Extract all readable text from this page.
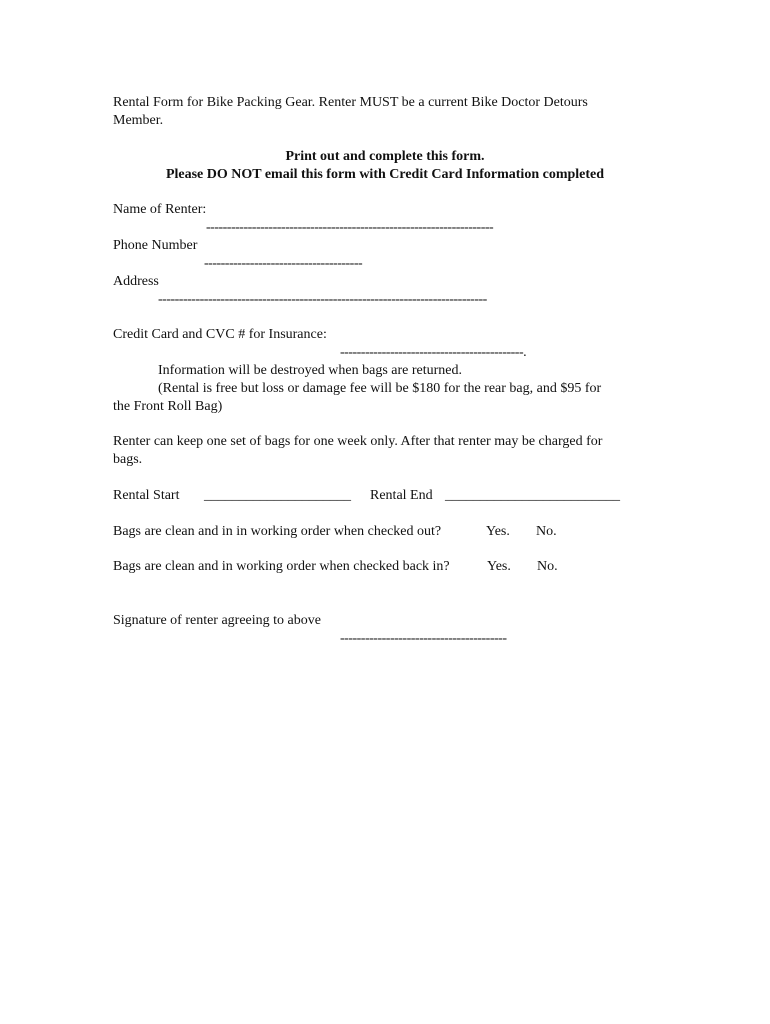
Rental Form for Bike Packing Gear. Renter MUST be a current Bike Doctor Detours
Member.
Print out and complete this form.
Please DO NOT email this form with Credit Card Information completed
Name of Renter:
---------------------------------------------------------------------
Phone Number
--------------------------------------
Address
-------------------------------------------------------------------------------
Credit Card and CVC # for Insurance:
--------------------------------------------.
Information will be destroyed when bags are returned.
(Rental is free but loss or damage fee will be $180 for the rear bag, and $95 for
the Front Roll Bag)
Renter can keep one set of bags for one week only. After that renter may be charged for
bags.
Rental Start _____________________ Rental End _________________________
Bags are clean and in in working order when checked out?	Yes. No.
Bags are clean and in working order when checked back in?	Yes. No.
Signature of renter agreeing to above
----------------------------------------
